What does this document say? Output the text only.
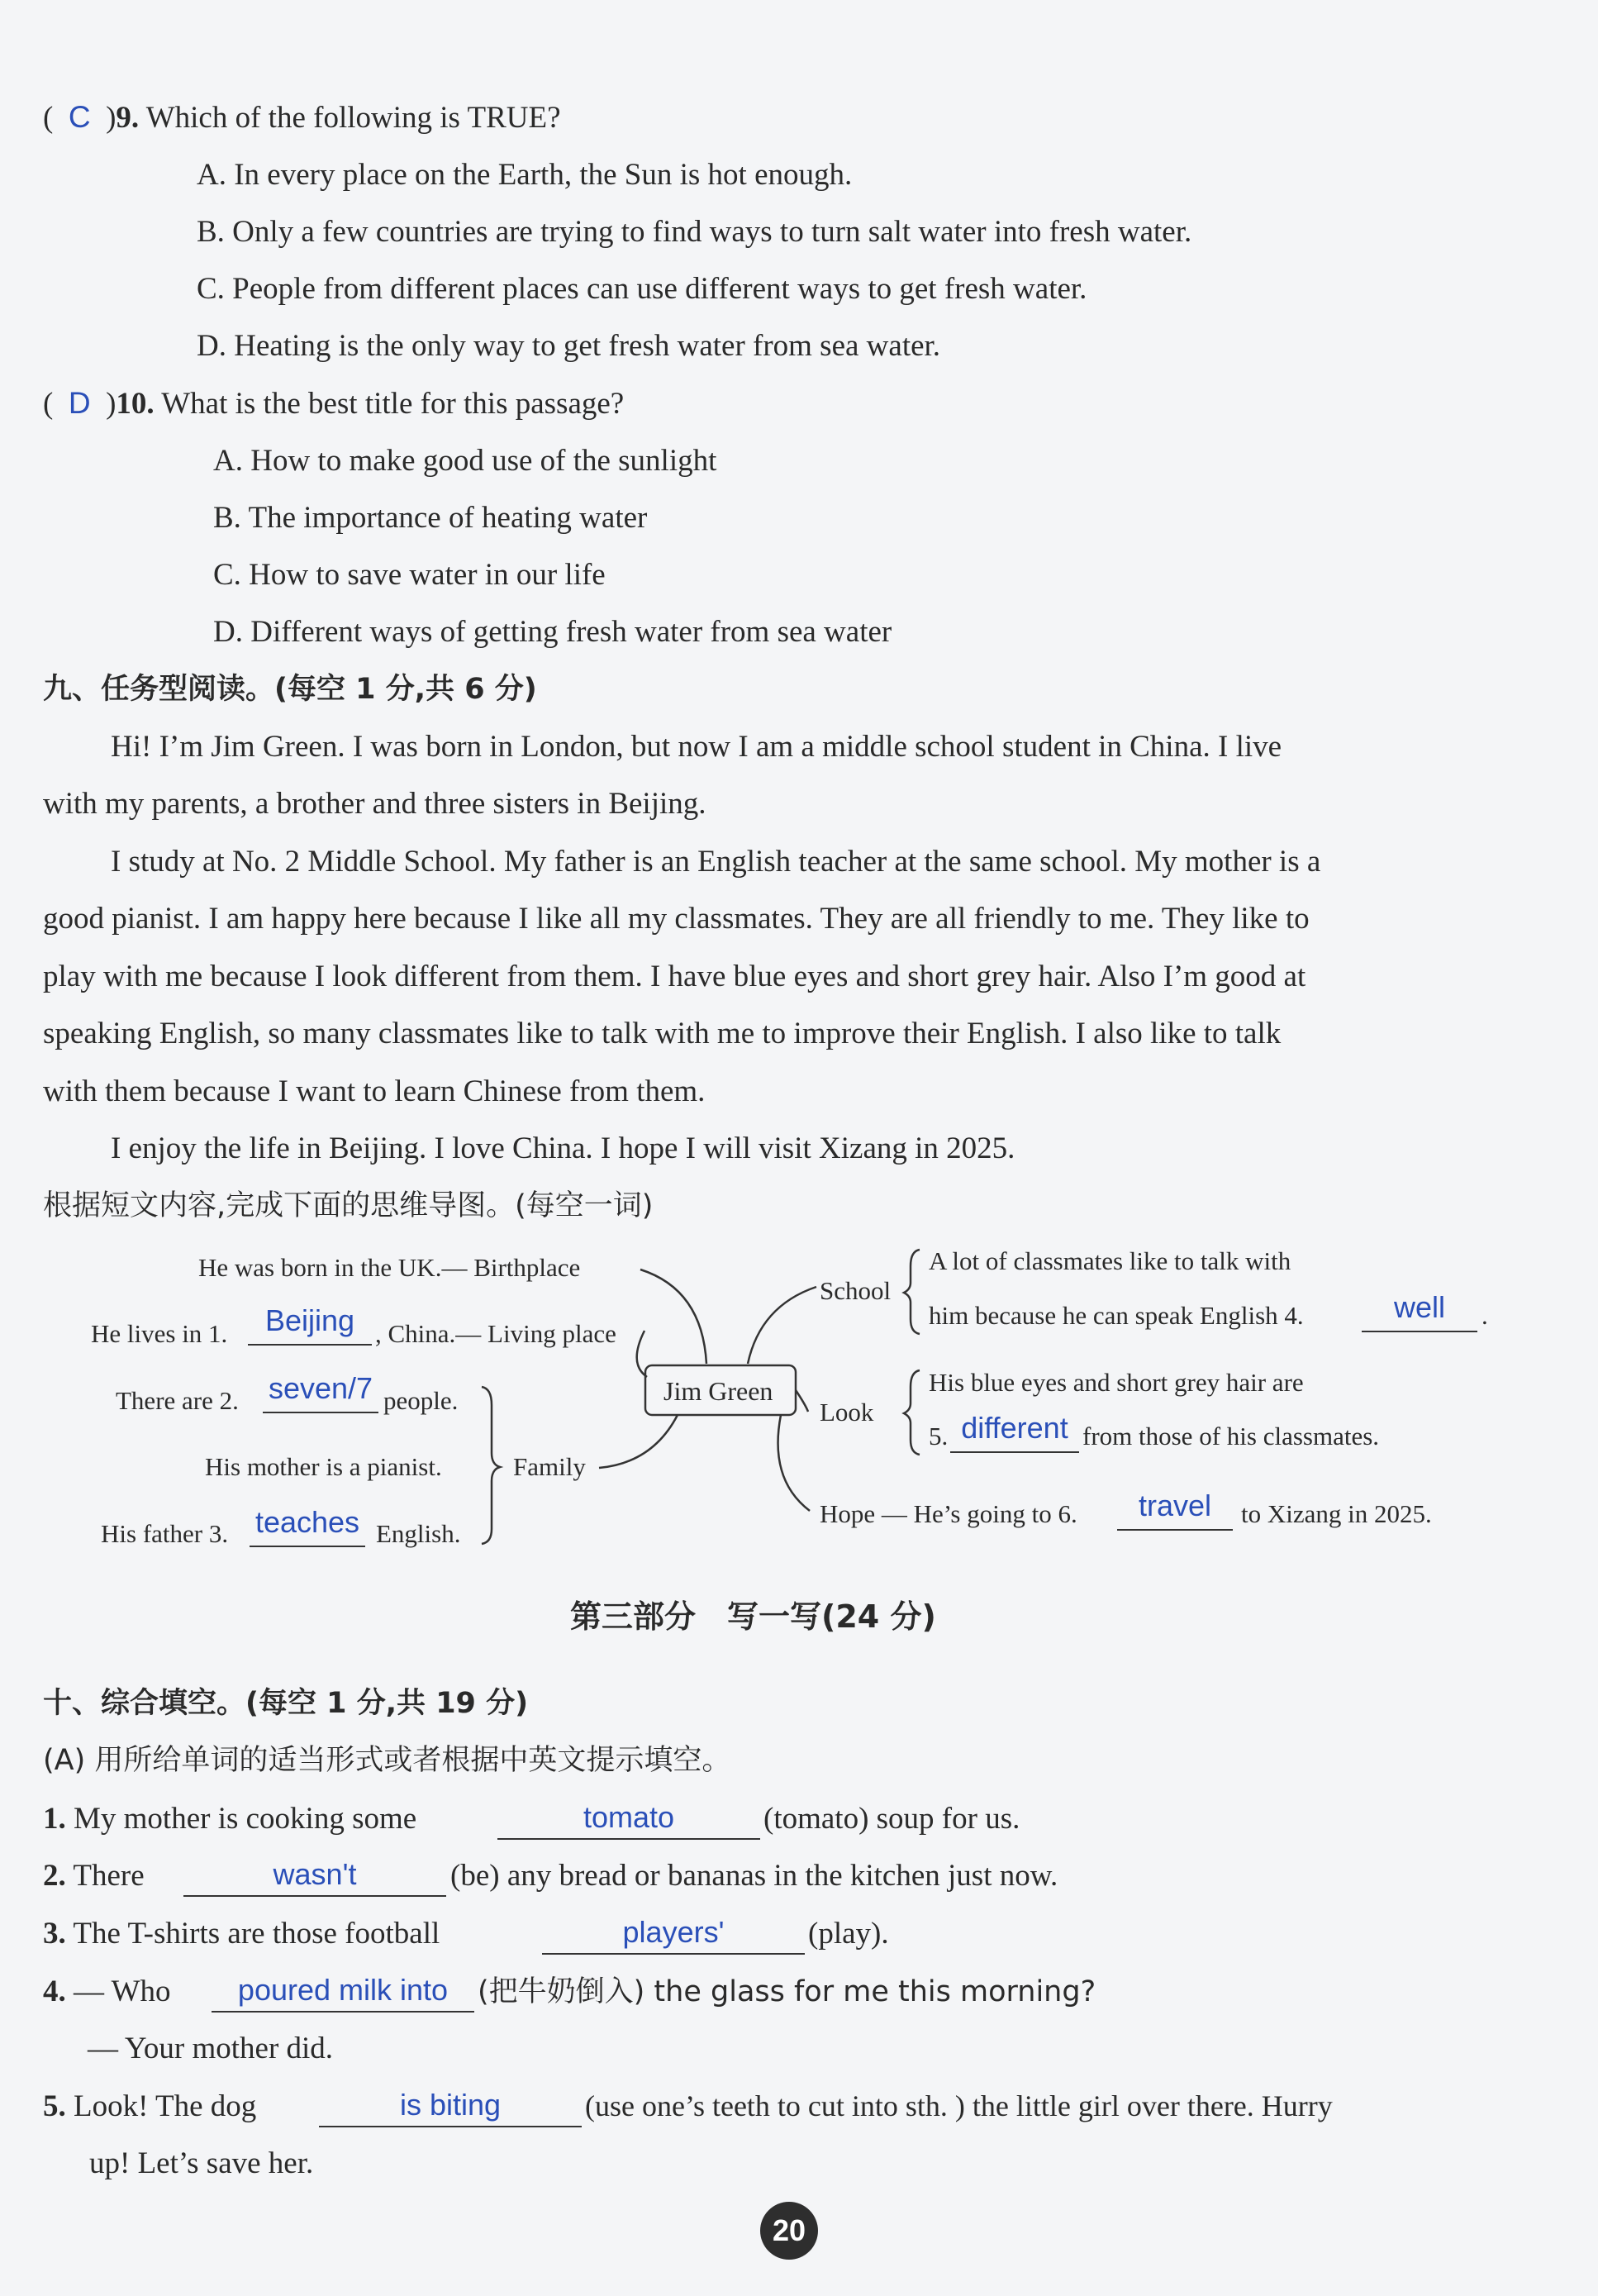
(  C  )9. Which of the following is TRUE?
A. In every place on the Earth, the Sun is hot enough.
B. Only a few countries are trying to find ways to turn salt water into fresh water.
C. People from different places can use different ways to get fresh water.
D. Heating is the only way to get fresh water from sea water.
(  D  )10. What is the best title for this passage?
A. How to make good use of the sunlight
B. The importance of heating water
C. How to save water in our life
D. Different ways of getting fresh water from sea water
九、任务型阅读。(每空 1 分,共 6 分)
Hi! I’m Jim Green. I was born in London, but now I am a middle school student in China. I live
with my parents, a brother and three sisters in Beijing.
I study at No. 2 Middle School. My father is an English teacher at the same school. My mother is a
good pianist. I am happy here because I like all my classmates. They are all friendly to me. They like to
play with me because I look different from them. I have blue eyes and short grey hair. Also I’m good at
speaking English, so many classmates like to talk with me to improve their English. I also like to talk
with them because I want to learn Chinese from them.
I enjoy the life in Beijing. I love China. I hope I will visit Xizang in 2025.
根据短文内容,完成下面的思维导图。(每空一词)
Jim Green
He was born in the UK.— Birthplace
He lives in 1.	Beijing , China.— Living place
There are 2. seven/7 people.
His mother is a pianist.	Family
His father 3. teaches English.
School
A lot of classmates like to talk with
him because he can speak English 4.	well	.
Look
His blue eyes and short grey hair are
5. different from those of his classmates.
Hope — He’s going to 6.	travel	to Xizang in 2025.
第三部分　写一写(24 分)
十、综合填空。(每空 1 分,共 19 分)
(A) 用所给单词的适当形式或者根据中英文提示填空。
1. My mother is cooking some	tomato	(tomato) soup for us.
2. There	wasn't	(be) any bread or bananas in the kitchen just now.
3. The T-shirts are those football	players'	(play).
4. — Who	poured milk into	(把牛奶倒入) the glass for me this morning?
— Your mother did.
5. Look! The dog	is biting	(use one’s teeth to cut into sth. ) the little girl over there. Hurry
up! Let’s save her.
20
